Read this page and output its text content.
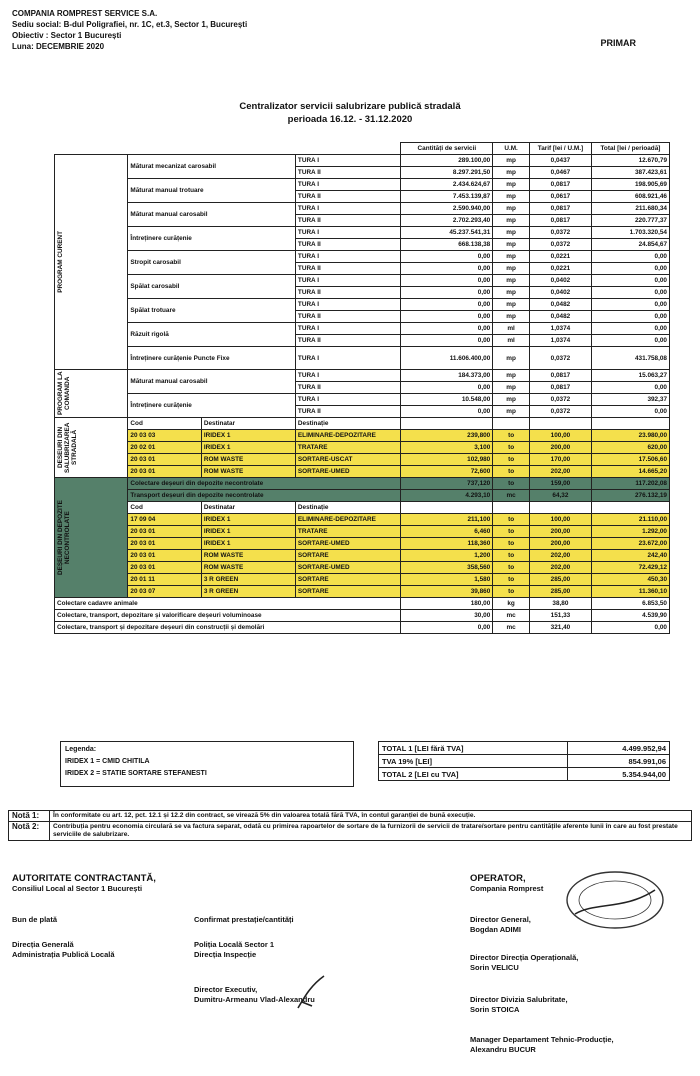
COMPANIA ROMPREST SERVICE S.A.
Sediu social: B-dul Poligrafiei, nr. 1C, et.3, Sector 1, București
Obiectiv : Sector 1 București
Luna: DECEMBRIE 2020	PRIMAR
Centralizator servicii salubrizare publică stradală
perioada 16.12. - 31.12.2020
				Cantități de servicii	U.M.	Tarif [lei / U.M.]	Total [lei / perioadă]

PROGRAM CURENT	Măturat mecanizat carosabil		TURA I	289.100,00	mp	0,0437	12.670,79
			TURA II	8.297.291,50	mp	0,0467	387.423,61
	Măturat manual trotuare		TURA I	2.434.624,67	mp	0,0817	198.905,69
			TURA II	7.453.139,87	mp	0,0617	608.921,46
	Măturat manual carosabil		TURA I	2.590.940,00	mp	0,0817	211.680,34
			TURA II	2.702.293,40	mp	0,0817	220.777,37
	Întreținere curățenie		TURA I	45.237.541,31	mp	0,0372	1.703.320,54
			TURA II	668.138,38	mp	0,0372	24.854,67
	Stropit carosabil		TURA I	0,00	mp	0,0221	0,00
			TURA II	0,00	mp	0,0221	0,00
	Spălat carosabil		TURA I	0,00	mp	0,0402	0,00
			TURA II	0,00	mp	0,0402	0,00
	Spălat trotuare		TURA I	0,00	mp	0,0482	0,00
			TURA II	0,00	mp	0,0482	0,00
	Răzuit rigolă		TURA I	0,00	ml	1,0374	0,00
			TURA II	0,00	ml	1,0374	0,00
	Întreținere curățenie Puncte Fixe		TURA I	11.606.400,00	mp	0,0372	431.758,08

PROGRAM LA COMANDA	Măturat manual carosabil		TURA I	184.373,00	mp	0,0817	15.063,27
			TURA II	0,00	mp	0,0817	0,00
	Întreținere curățenie		TURA I	10.548,00	mp	0,0372	392,37
			TURA II	0,00	mp	0,0372	0,00

DESEURI DIN SALUBRIZAREA STRADALĂ	Cod	Destinatar	Destinație				
	20 03 03	IRIDEX 1	ELIMINARE-DEPOZITARE	239,800	to	100,00	23.980,00
	20 02 01	IRIDEX 1	TRATARE	3,100	to	200,00	620,00
	20 03 01	ROM WASTE	SORTARE-USCAT	102,980	to	170,00	17.506,60
	20 03 01	ROM WASTE	SORTARE-UMED	72,600	to	202,00	14.665,20

DEȘEURI DIN DEPOZITE NECONTROLATE	Colectare deșeuri din depozite necontrolate			737,120	to	159,00	117.202,08
	Transport deșeuri din depozite necontrolate			4.293,10	mc	64,32	276.132,19
	Cod	Destinatar	Destinație				
	17 09 04	IRIDEX 1	ELIMINARE-DEPOZITARE	211,100	to	100,00	21.110,00
	20 03 01	IRIDEX 1	TRATARE	6,460	to	200,00	1.292,00
	20 03 01	IRIDEX 1	SORTARE-UMED	118,360	to	200,00	23.672,00
	20 03 01	ROM WASTE	SORTARE	1,200	to	202,00	242,40
	20 03 01	ROM WASTE	SORTARE-UMED	358,560	to	202,00	72.429,12
	20 01 11	3 R GREEN	SORTARE	1,580	to	285,00	450,30
	20 03 07	3 R GREEN	SORTARE	39,860	to	285,00	11.360,10
Colectare cadavre animale				180,00	kg	38,80	6.853,50
Colectare, transport, depozitare și valorificare deșeuri voluminoase				30,00	mc	151,33	4.539,90
Colectare, transport și depozitare deșeuri din construcții și demolări				0,00	mc	321,40	0,00
Legenda:
IRIDEX 1 = CMID CHITILA
IRIDEX 2 = STATIE SORTARE STEFANESTI
TOTAL 1 [LEI fără TVA]	4.499.952,94
TVA 19% [LEI]	854.991,06
TOTAL 2 [LEI cu TVA]	5.354.944,00
Notă 1:	În conformitate cu art. 12, pct. 12.1 și 12.2 din contract, se virează 5% din valoarea totală fără TVA, în contul garanției de bună execuție.
Notă 2:	Contribuția pentru economia circulară se va factura separat, odată cu primirea rapoartelor de sortare de la furnizorii de servicii de tratare/sortare pentru cantitățile aferente lunii în care au fost prestate serviciile de salubrizare.
AUTORITATE CONTRACTANTĂ,
Consiliul Local al Sector 1 București
Bun de plată	Confirmat prestație/cantități
Direcția Generală
Administrația Publică Locală
Poliția Locală Sector 1
Direcția Inspecție
Director Executiv,
Dumitru-Armeanu Vlad-Alexandru
OPERATOR,
Compania Romprest
Director General,
Bogdan ADIMI
Director Direcția Operațională,
Sorin VELICU
Director Divizia Salubritate,
Sorin STOICA
Manager Departament Tehnic-Producție,
Alexandru BUCUR
